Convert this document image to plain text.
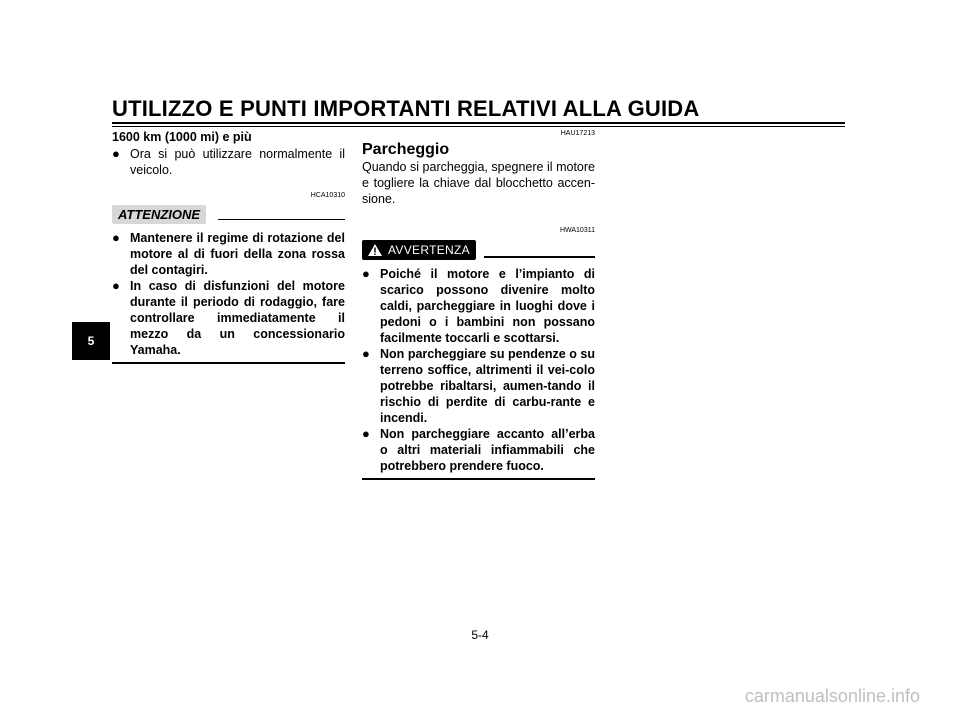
UTILIZZO E PUNTI IMPORTANTI RELATIVI ALLA GUIDA
5
1600 km (1000 mi) e più
● Ora si può utilizzare normalmente il veicolo.
HCA10310
ATTENZIONE
● Mantenere il regime di rotazione del motore al di fuori della zona rossa del contagiri.
● In caso di disfunzioni del motore durante il periodo di rodaggio, fare controllare immediatamente il mezzo da un concessionario Yamaha.
HAU17213
Parcheggio
Quando si parcheggia, spegnere il motore e togliere la chiave dal blocchetto accen-sione.
HWA10311
AVVERTENZA
● Poiché il motore e l’impianto di scarico possono divenire molto caldi, parcheggiare in luoghi dove i pedoni o i bambini non possano facilmente toccarli e scottarsi.
● Non parcheggiare su pendenze o su terreno soffice, altrimenti il vei-colo potrebbe ribaltarsi, aumen-tando il rischio di perdite di carbu-rante e incendi.
● Non parcheggiare accanto all’erba o altri materiali infiammabili che potrebbero prendere fuoco.
5-4
carmanualsonline.info
